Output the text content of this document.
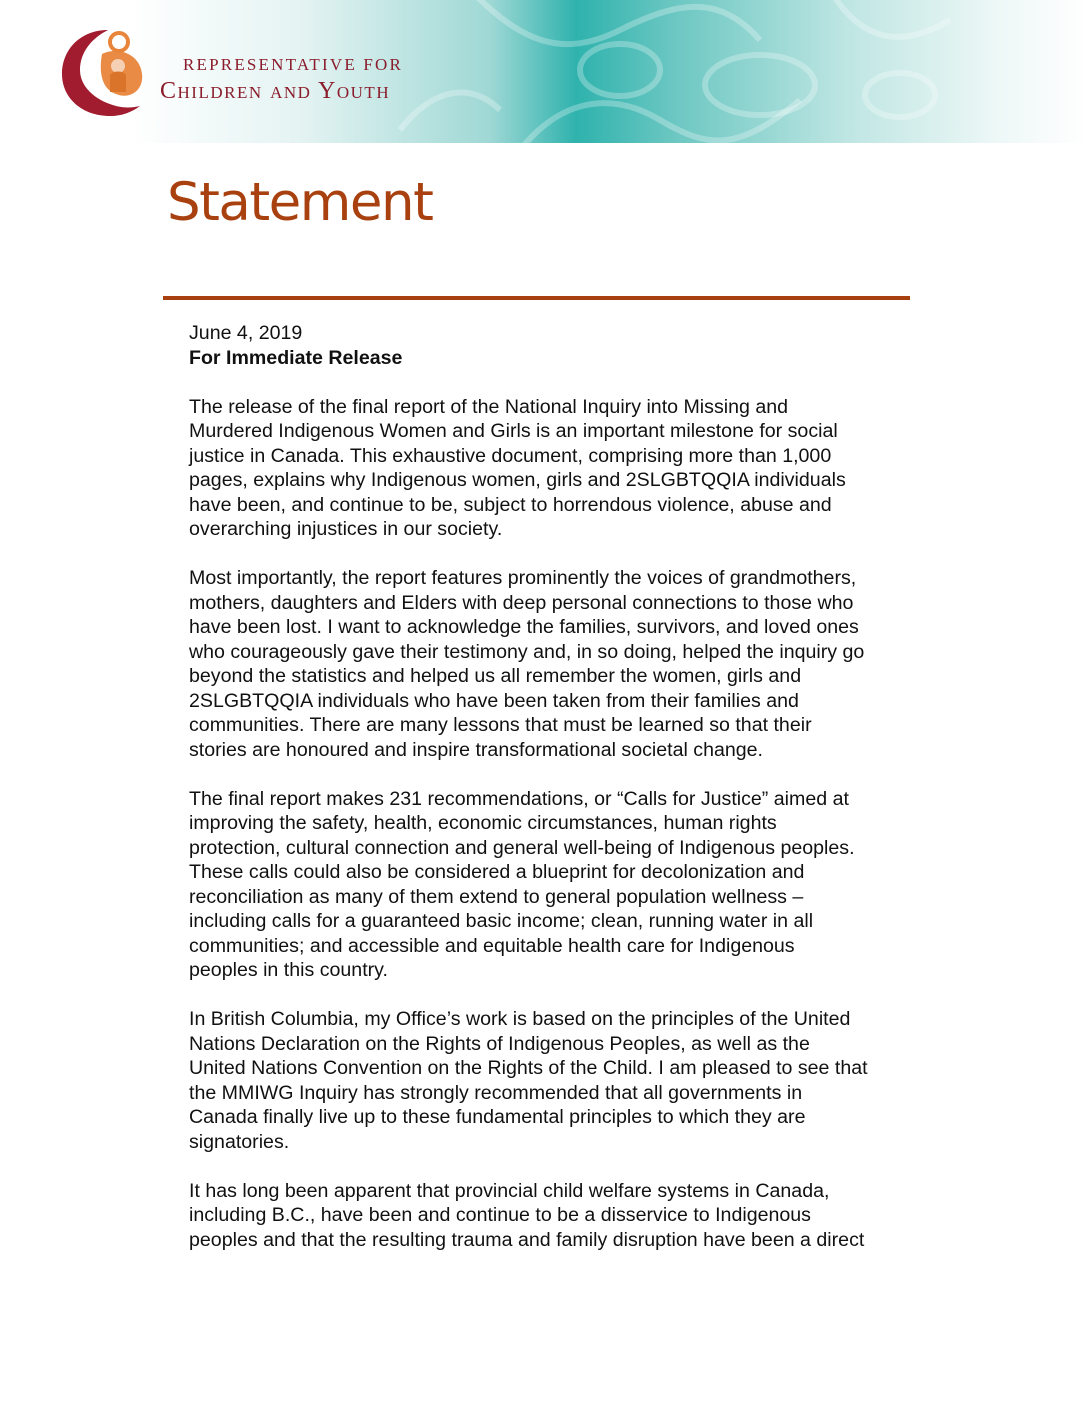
REPRESENTATIVE FOR
Children and Youth
Statement
June 4, 2019
For Immediate Release
The release of the final report of the National Inquiry into Missing and
Murdered Indigenous Women and Girls is an important milestone for social
justice in Canada. This exhaustive document, comprising more than 1,000
pages, explains why Indigenous women, girls and 2SLGBTQQIA individuals
have been, and continue to be, subject to horrendous violence, abuse and
overarching injustices in our society.
Most importantly, the report features prominently the voices of grandmothers,
mothers, daughters and Elders with deep personal connections to those who
have been lost. I want to acknowledge the families, survivors, and loved ones
who courageously gave their testimony and, in so doing, helped the inquiry go
beyond the statistics and helped us all remember the women, girls and
2SLGBTQQIA individuals who have been taken from their families and
communities. There are many lessons that must be learned so that their
stories are honoured and inspire transformational societal change.
The final report makes 231 recommendations, or “Calls for Justice” aimed at
improving the safety, health, economic circumstances, human rights
protection, cultural connection and general well-being of Indigenous peoples.
These calls could also be considered a blueprint for decolonization and
reconciliation as many of them extend to general population wellness –
including calls for a guaranteed basic income; clean, running water in all
communities; and accessible and equitable health care for Indigenous
peoples in this country.
In British Columbia, my Office’s work is based on the principles of the United
Nations Declaration on the Rights of Indigenous Peoples, as well as the
United Nations Convention on the Rights of the Child. I am pleased to see that
the MMIWG Inquiry has strongly recommended that all governments in
Canada finally live up to these fundamental principles to which they are
signatories.
It has long been apparent that provincial child welfare systems in Canada,
including B.C., have been and continue to be a disservice to Indigenous
peoples and that the resulting trauma and family disruption have been a direct
